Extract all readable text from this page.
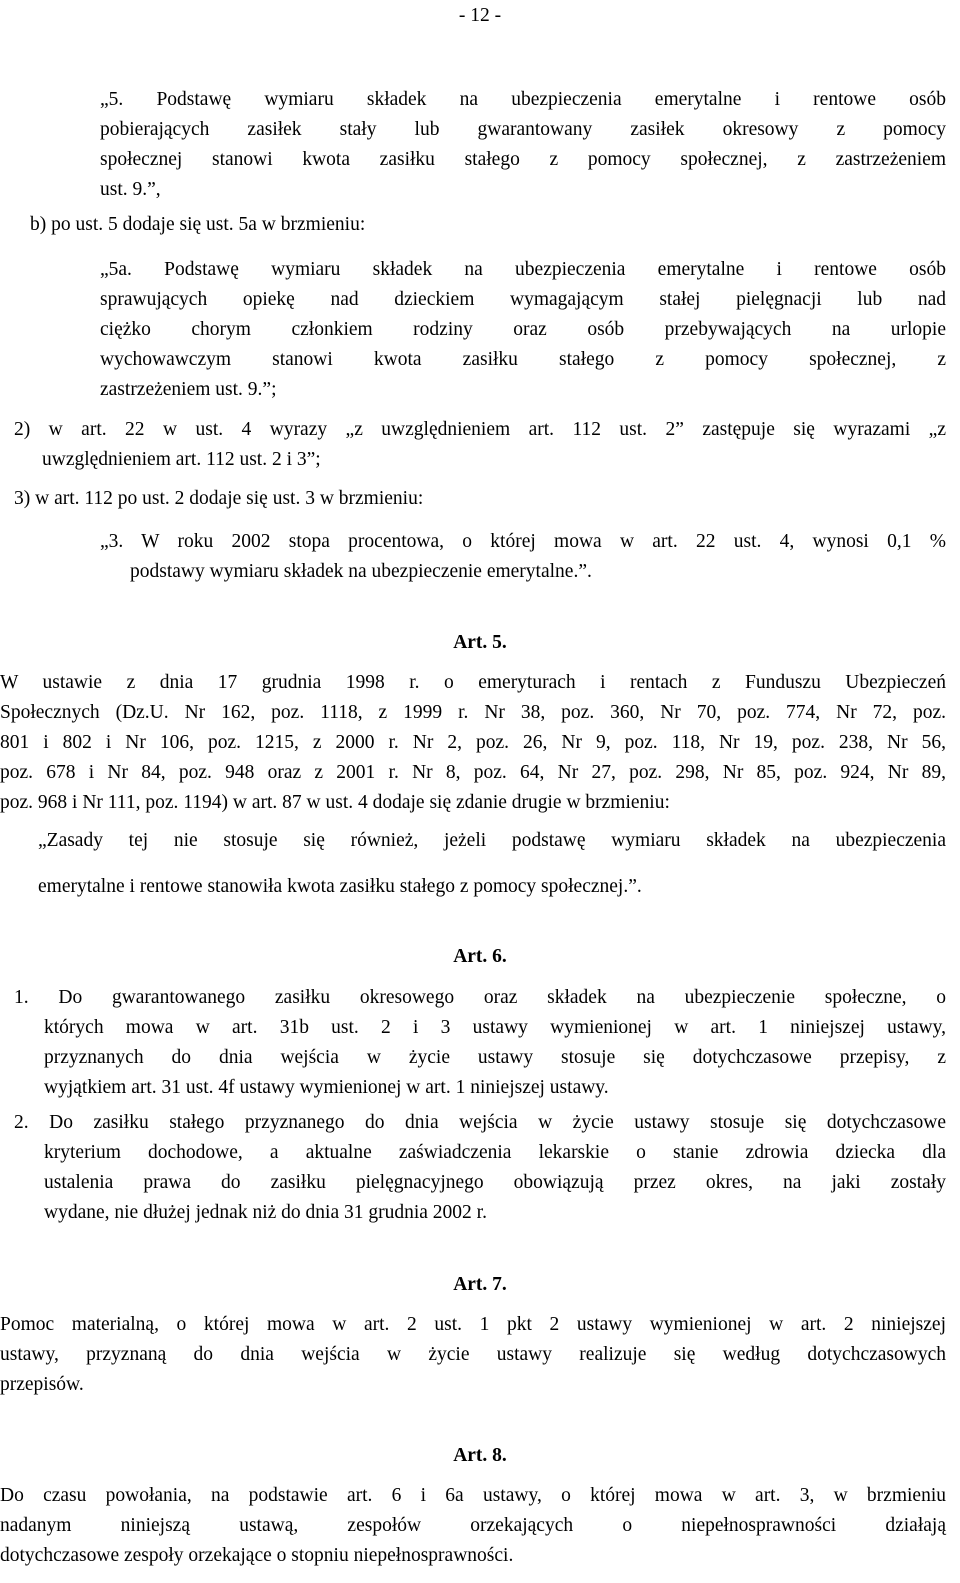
- 12 -
„5. Podstawę wymiaru składek na ubezpieczenia emerytalne i rentowe osób
pobierających zasiłek stały lub gwarantowany zasiłek okresowy z pomocy
społecznej stanowi kwota zasiłku stałego z pomocy społecznej, z zastrzeżeniem
ust. 9.”,
b) po ust. 5 dodaje się ust. 5a w brzmieniu:
„5a. Podstawę wymiaru składek na ubezpieczenia emerytalne i rentowe osób
sprawujących opiekę nad dzieckiem wymagającym stałej pielęgnacji lub nad
ciężko chorym członkiem rodziny oraz osób przebywających na urlopie
wychowawczym stanowi kwota zasiłku stałego z pomocy społecznej, z
zastrzeżeniem ust. 9.”;
2) w art. 22 w ust. 4 wyrazy „z uwzględnieniem art. 112 ust. 2” zastępuje się wyrazami „z
uwzględnieniem art. 112 ust. 2 i 3”;
3) w art. 112 po ust. 2 dodaje się ust. 3 w brzmieniu:
„3. W roku 2002 stopa procentowa, o której mowa w art. 22 ust. 4, wynosi 0,1 %
podstawy wymiaru składek na ubezpieczenie emerytalne.”.
Art. 5.
W ustawie z dnia 17 grudnia 1998 r. o emeryturach i rentach z Funduszu Ubezpieczeń
Społecznych (Dz.U. Nr 162, poz. 1118, z 1999 r. Nr 38, poz. 360, Nr 70, poz. 774, Nr 72, poz.
801 i 802 i Nr 106, poz. 1215, z 2000 r. Nr 2, poz. 26, Nr 9, poz. 118, Nr 19, poz. 238, Nr 56,
poz. 678 i Nr 84, poz. 948 oraz z 2001 r. Nr 8, poz. 64, Nr 27, poz. 298, Nr 85, poz. 924, Nr 89,
poz. 968 i Nr 111, poz. 1194) w art. 87 w ust. 4 dodaje się zdanie drugie w brzmieniu:
„Zasady tej nie stosuje się również, jeżeli podstawę wymiaru składek na ubezpieczenia
emerytalne i rentowe stanowiła kwota zasiłku stałego z pomocy społecznej.”.
Art. 6.
1. Do gwarantowanego zasiłku okresowego oraz składek na ubezpieczenie społeczne, o
których mowa w art. 31b ust. 2 i 3 ustawy wymienionej w art. 1 niniejszej ustawy,
przyznanych do dnia wejścia w życie ustawy stosuje się dotychczasowe przepisy, z
wyjątkiem art. 31 ust. 4f ustawy wymienionej w art. 1 niniejszej ustawy.
2. Do zasiłku stałego przyznanego do dnia wejścia w życie ustawy stosuje się dotychczasowe
kryterium dochodowe, a aktualne zaświadczenia lekarskie o stanie zdrowia dziecka dla
ustalenia prawa do zasiłku pielęgnacyjnego obowiązują przez okres, na jaki zostały
wydane, nie dłużej jednak niż do dnia 31 grudnia 2002 r.
Art. 7.
Pomoc materialną, o której mowa w art. 2 ust. 1 pkt 2 ustawy wymienionej w art. 2 niniejszej
ustawy, przyznaną do dnia wejścia w życie ustawy realizuje się według dotychczasowych
przepisów.
Art. 8.
Do czasu powołania, na podstawie art. 6 i 6a ustawy, o której mowa w art. 3, w brzmieniu
nadanym niniejszą ustawą, zespołów orzekających o niepełnosprawności działają
dotychczasowe zespoły orzekające o stopniu niepełnosprawności.
